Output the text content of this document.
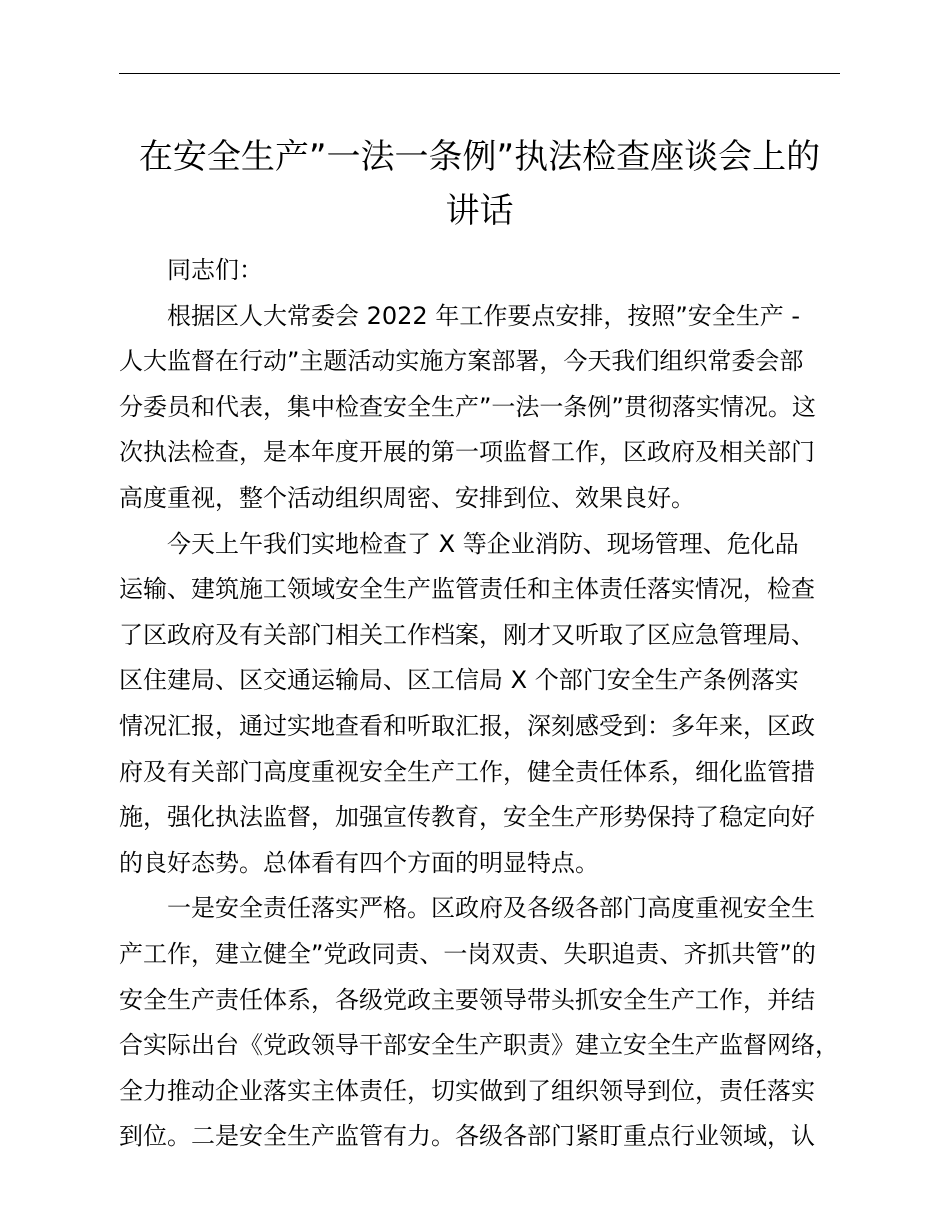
在安全生产”一法一条例”执法检查座谈会上的
讲话
同志们：
根据区人大常委会 2022 年工作要点安排，按照”安全生产 -
人大监督在行动”主题活动实施方案部署，今天我们组织常委会部
分委员和代表，集中检查安全生产”一法一条例”贯彻落实情况。这
次执法检查，是本年度开展的第一项监督工作，区政府及相关部门
高度重视，整个活动组织周密、安排到位、效果良好。
今天上午我们实地检查了 X 等企业消防、现场管理、危化品
运输、建筑施工领域安全生产监管责任和主体责任落实情况，检查
了区政府及有关部门相关工作档案，刚才又听取了区应急管理局、
区住建局、区交通运输局、区工信局 X 个部门安全生产条例落实
情况汇报，通过实地查看和听取汇报，深刻感受到：多年来，区政
府及有关部门高度重视安全生产工作，健全责任体系，细化监管措
施，强化执法监督，加强宣传教育，安全生产形势保持了稳定向好
的良好态势。总体看有四个方面的明显特点。
一是安全责任落实严格。区政府及各级各部门高度重视安全生
产工作，建立健全”党政同责、一岗双责、失职追责、齐抓共管”的
安全生产责任体系，各级党政主要领导带头抓安全生产工作，并结
合实际出台《党政领导干部安全生产职责》建立安全生产监督网络，
全力推动企业落实主体责任，切实做到了组织领导到位，责任落实
到位。二是安全生产监管有力。各级各部门紧盯重点行业领域，认
